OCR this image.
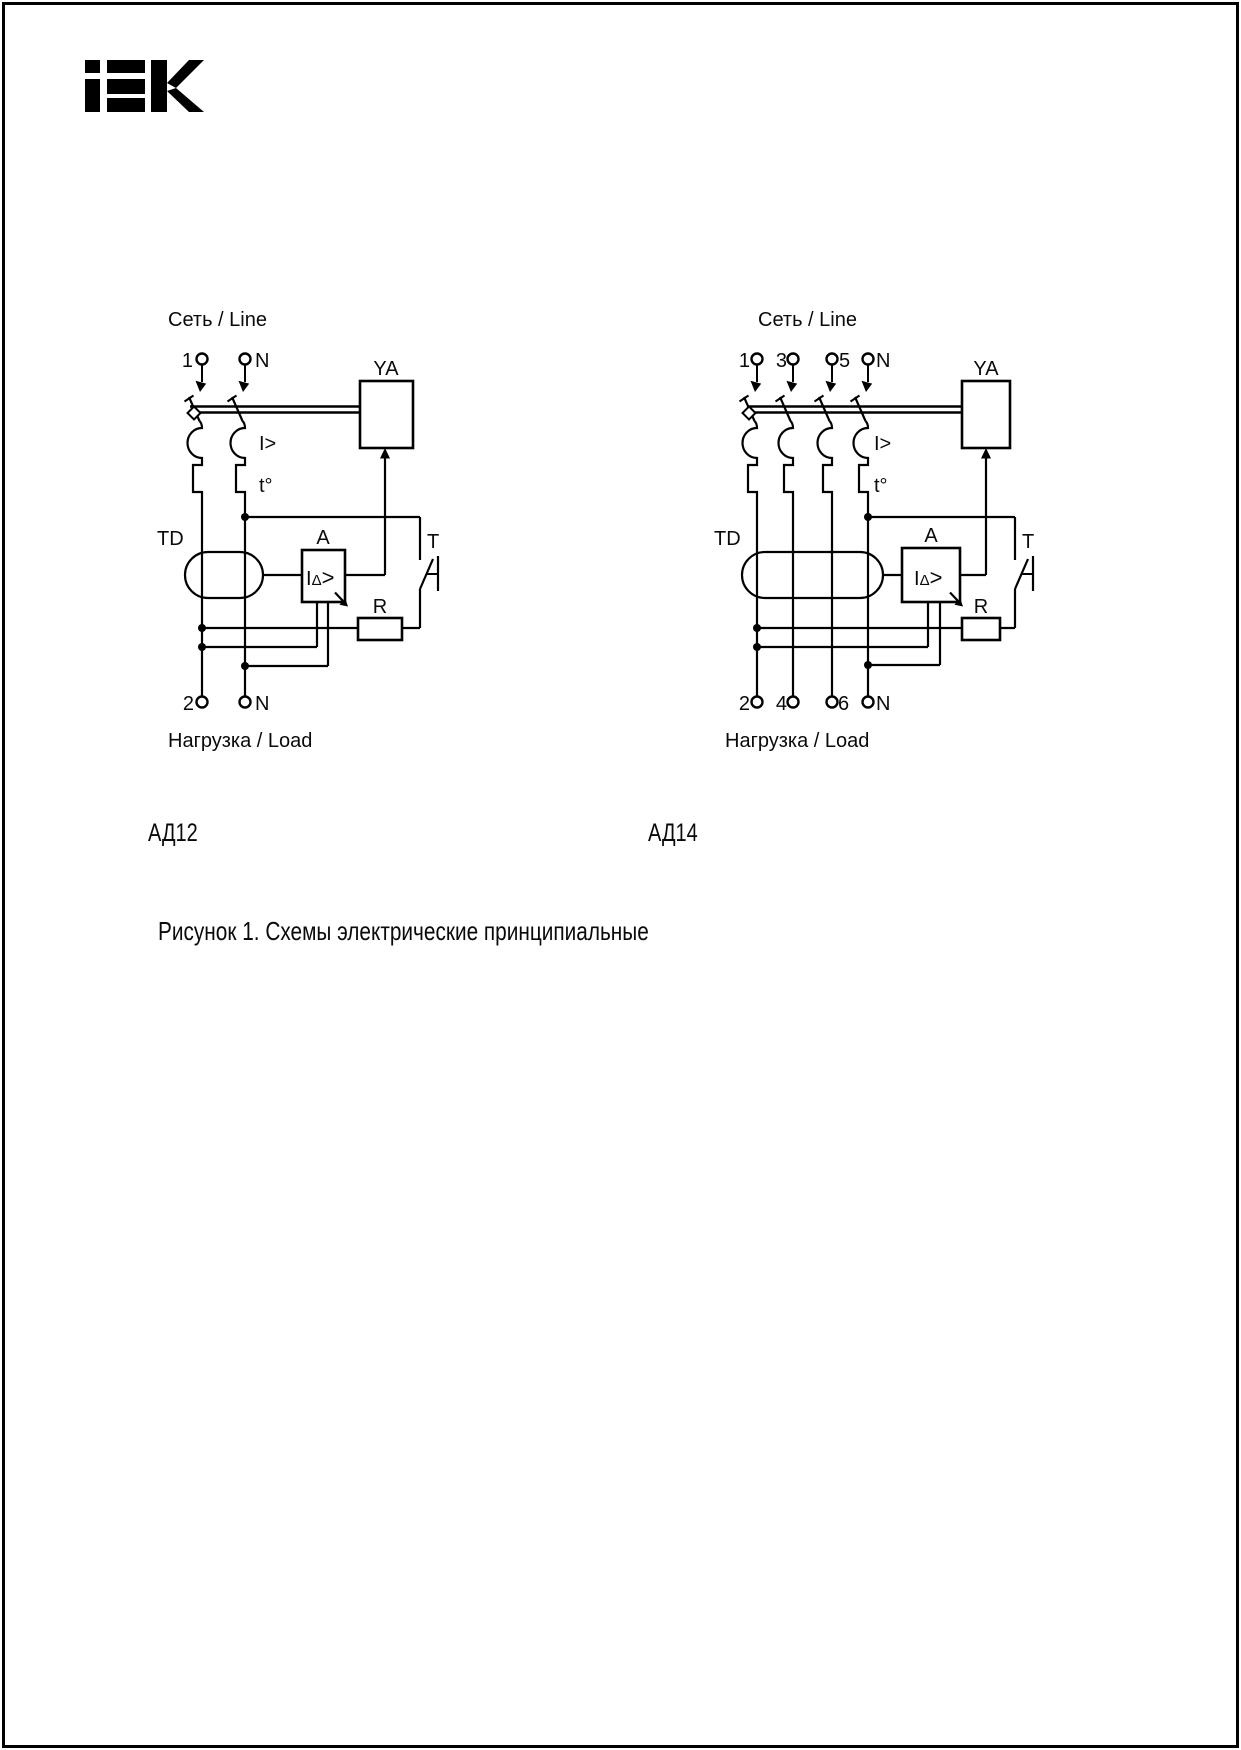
Сеть / Line
1	N	YA
I>
t°
TD	A
IΔ>
T
R
2	N
Нагрузка / Load
Сеть / Line
1 3	5 N	YA
I>
t°
TD	A
IΔ>
T
R
2 4	6 N
Нагрузка / Load
АД12	АД14
Рисунок 1. Схемы электрические принципиальные
